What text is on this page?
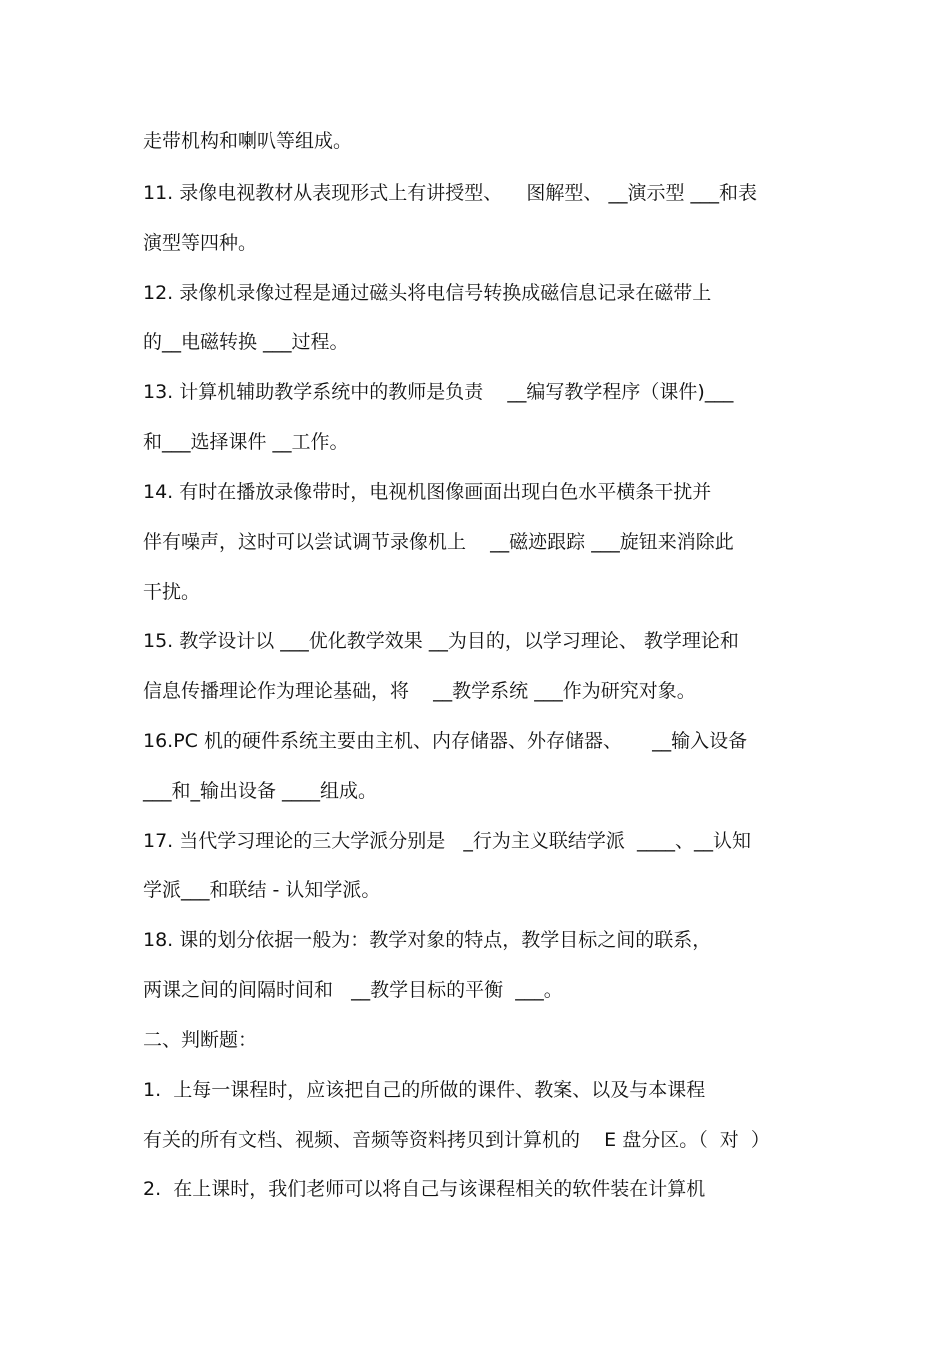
走带机构和喇叭等组成。

11. 录像电视教材从表现形式上有讲授型、    图解型、 __演示型 ___和表

演型等四种。

12. 录像机录像过程是通过磁头将电信号转换成磁信息记录在磁带上

的__电磁转换 ___过程。

13. 计算机辅助教学系统中的教师是负责    __编写教学程序（课件)___

和___选择课件 __工作。

14. 有时在播放录像带时，电视机图像画面出现白色水平横条干扰并

伴有噪声，这时可以尝试调节录像机上    __磁迹跟踪 ___旋钮来消除此

干扰。

15. 教学设计以 ___优化教学效果 __为目的，以学习理论、 教学理论和

信息传播理论作为理论基础，将    __教学系统 ___作为研究对象。

16.PC 机的硬件系统主要由主机、内存储器、外存储器、     __输入设备

___和_输出设备 ____组成。

17. 当代学习理论的三大学派分别是   _行为主义联结学派  ____、__认知

学派___和联结 - 认知学派。

18. 课的划分依据一般为：教学对象的特点，教学目标之间的联系，

两课之间的间隔时间和   __教学目标的平衡  ___。

二、判断题：

1.  上每一课程时，应该把自己的所做的课件、教案、以及与本课程

有关的所有文档、视频、音频等资料拷贝到计算机的    E 盘分区。（  对  ）

2.  在上课时，我们老师可以将自己与该课程相关的软件装在计算机
